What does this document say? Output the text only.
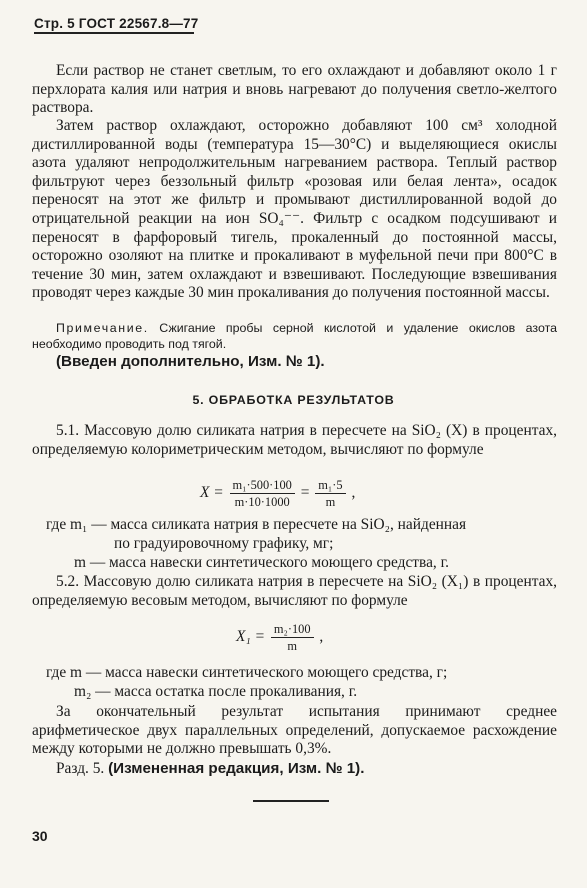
Стр. 5 ГОСТ 22567.8—77

Если раствор не станет светлым, то его охлаждают и добавляют около 1 г перхлората калия или натрия и вновь нагревают до получения светло-желтого раствора.

Затем раствор охлаждают, осторожно добавляют 100 см³ холодной дистиллированной воды (температура 15—30°С) и выделяющиеся окислы азота удаляют непродолжительным нагреванием раствора. Теплый раствор фильтруют через беззольный фильтр «розовая или белая лента», осадок переносят на этот же фильтр и промывают дистиллированной водой до отрицательной реакции на ион SO₄⁻⁻. Фильтр с осадком подсушивают и переносят в фарфоровый тигель, прокаленный до постоянной массы, осторожно озоляют на плитке и прокаливают в муфельной печи при 800°С в течение 30 мин, затем охлаждают и взвешивают. Последующие взвешивания проводят через каждые 30 мин прокаливания до получения постоянной массы.

Примечание. Сжигание пробы серной кислотой и удаление окислов азота необходимо проводить под тягой.
(Введен дополнительно, Изм. № 1).
5. ОБРАБОТКА РЕЗУЛЬТАТОВ

5.1. Массовую долю силиката натрия в пересчете на SiO₂ (X) в процентах, определяемую колориметрическим методом, вычисляют по формуле

$X = \frac{\text{m₁·500·100}}{m\cdot 10\cdot 1000} = \frac{\text{m₁·5}}{m}$ ,
где m₁ — масса силиката натрия в пересчете на SiO₂, найденная
по градуировочному графику, мг;
m — масса навески синтетического моющего средства, г.

5.2. Массовую долю силиката натрия в пересчете на SiO₂ (X₁) в процентах, определяемую весовым методом, вычисляют по формуле

$X_1 = \frac{\text{m₂·100}}{m}$ ,
где m — масса навески синтетического моющего средства, г;
m₂ — масса остатка после прокаливания, г.

За окончательный результат испытания принимают среднее арифметическое двух параллельных определений, допускаемое расхождение между которыми не должно превышать 0,3%.

Разд. 5. (Измененная редакция, Изм. № 1).
30
